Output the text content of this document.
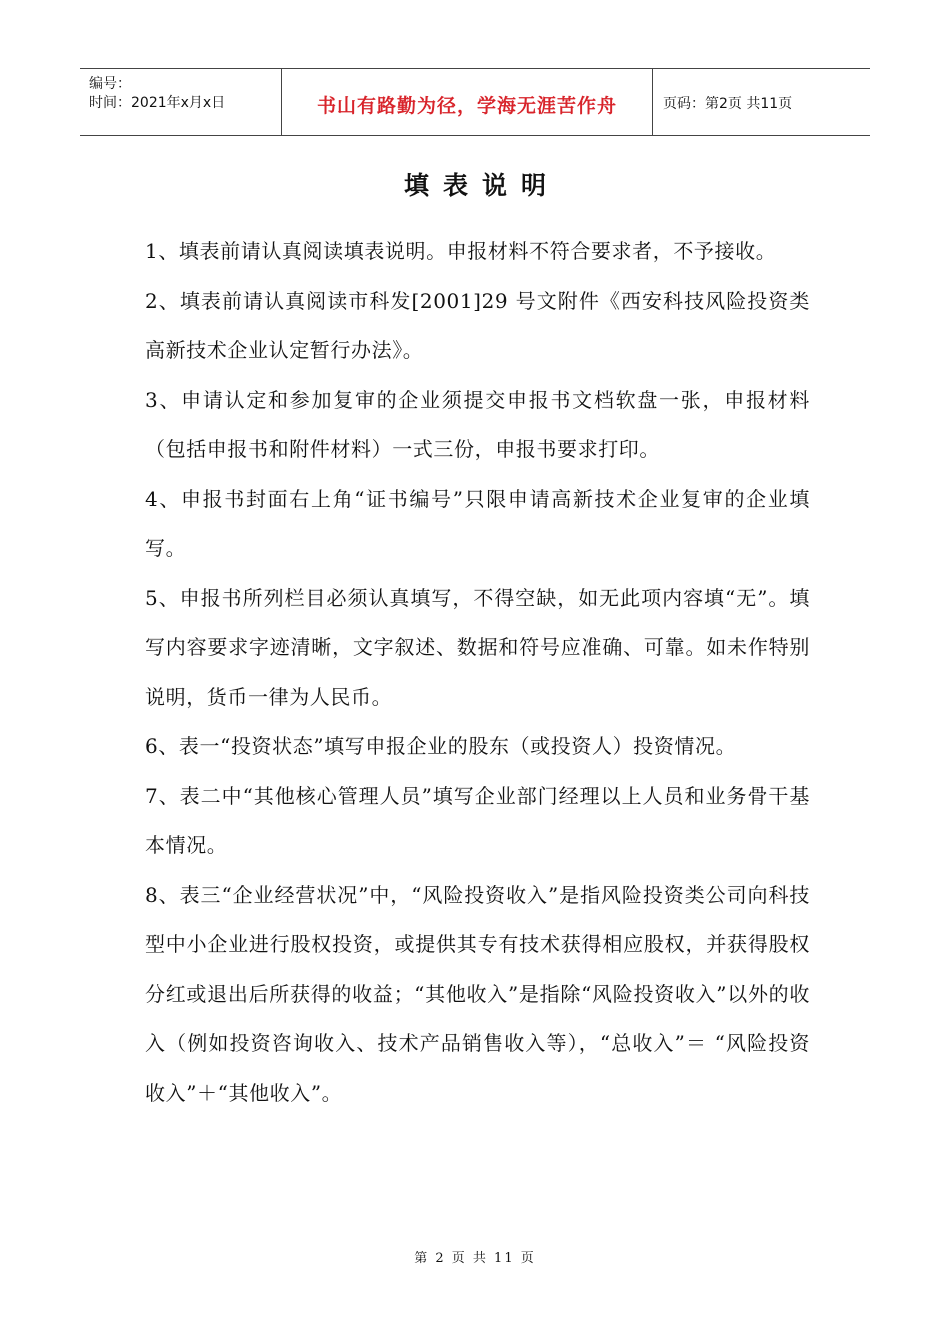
编号：
时间：2021年x月x日	书山有路勤为径，学海无涯苦作舟	页码：第2页 共11页
填表说明

1、填表前请认真阅读填表说明。申报材料不符合要求者，不予接收。

2、填表前请认真阅读市科发[2001]29 号文附件《西安科技风险投资类高新技术企业认定暂行办法》。

3、申请认定和参加复审的企业须提交申报书文档软盘一张，申报材料（包括申报书和附件材料）一式三份，申报书要求打印。

4、申报书封面右上角“证书编号”只限申请高新技术企业复审的企业填写。

5、申报书所列栏目必须认真填写，不得空缺，如无此项内容填“无”。填写内容要求字迹清晰，文字叙述、数据和符号应准确、可靠。如未作特别说明，货币一律为人民币。

6、表一“投资状态”填写申报企业的股东（或投资人）投资情况。

7、表二中“其他核心管理人员”填写企业部门经理以上人员和业务骨干基本情况。

8、表三“企业经营状况”中，“风险投资收入”是指风险投资类公司向科技型中小企业进行股权投资，或提供其专有技术获得相应股权，并获得股权分红或退出后所获得的收益；“其他收入”是指除“风险投资收入”以外的收入（例如投资咨询收入、技术产品销售收入等），“总收入”＝ “风险投资收入”＋“其他收入”。

第 2 页 共 11 页
